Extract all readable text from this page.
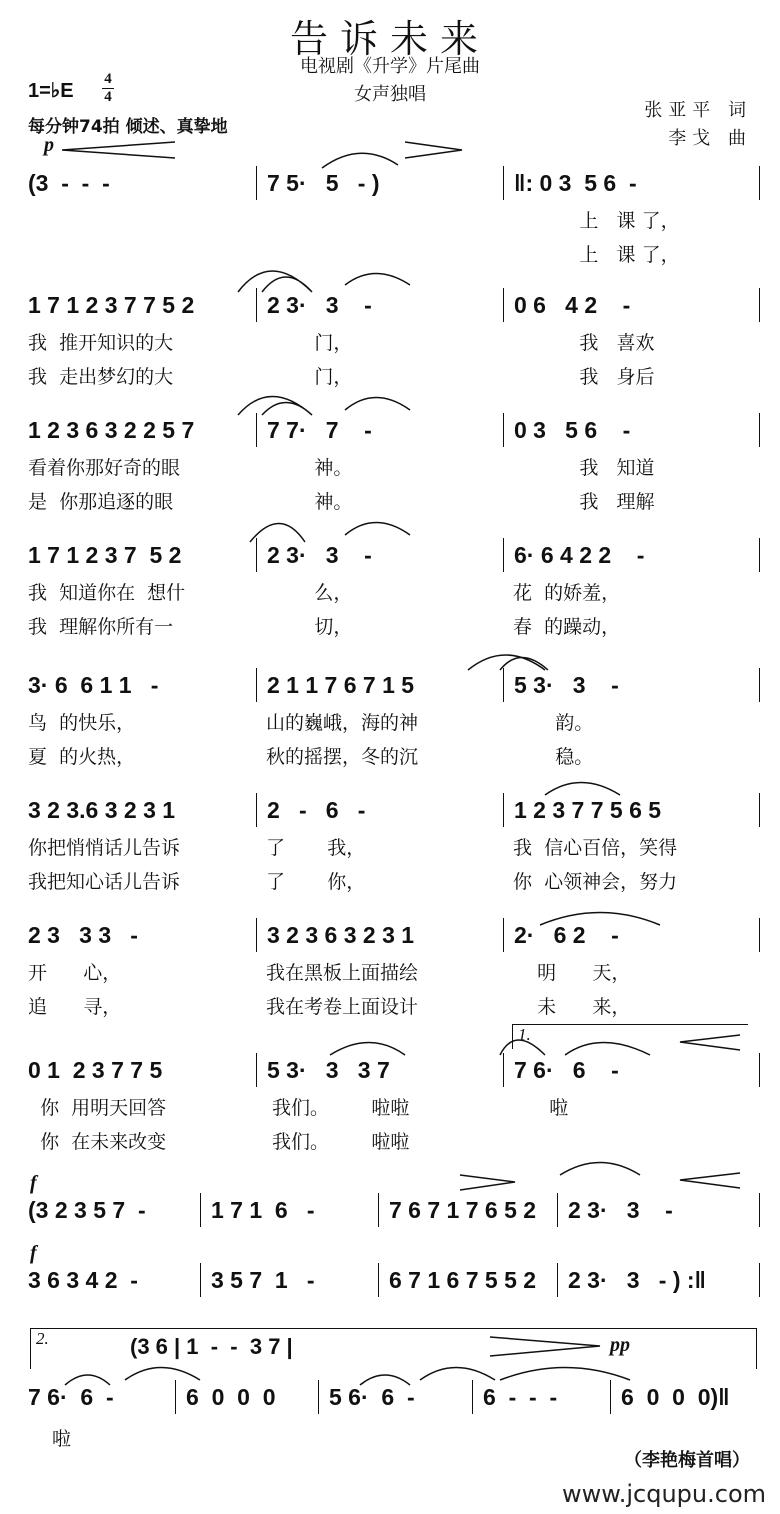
告诉未来
电视剧《升学》片尾曲
女声独唱
1=♭E
4
4
每分钟74拍 倾述、真挚地
张亚平 词
李戈 曲
p
f
f
pp
(3  -  -  -	7 5·   5   - )	‖: 0 3  5 6  -
上   课 了，
上   课 了，
1 7 1 2 3 7 7 5 2	2 3·   3    -	0 6   4 2    -
我  推开知识的大	门，	我   喜欢
我  走出梦幻的大	门，	我   身后
1 2 3 6 3 2 2 5 7	7 7·   7    -	0 3   5 6    -
看着你那好奇的眼	神。	我   知道
是  你那追逐的眼	神。	我   理解
1 7 1 2 3 7  5 2	2 3·   3    -	6· 6 4 2 2    -
我  知道你在  想什	么，	花  的娇羞，
我  理解你所有一	切，	春  的躁动，
3· 6  6 1 1   -	2 1 1 7 6 7 1 5	5 3·   3    -
鸟  的快乐，	山的巍峨，海的神	韵。
夏  的火热，	秋的摇摆，冬的沉	稳。
3 2 3.6 3 2 3 1	2   -   6   -	1 2 3 7 7 5 6 5
你把悄悄话儿告诉	了       我，	我  信心百倍，笑得
我把知心话儿告诉	了       你，	你  心领神会，努力
2 3   3 3   -	3 2 3 6 3 2 3 1	2·   6 2    -
开      心，	我在黑板上面描绘	明      天，
追      寻，	我在考卷上面设计	未      来，
0 1  2 3 7 7 5	5 3·   3   3 7	7 6·   6    -
你  用明天回答	我们。       啦啦	啦
你  在未来改变	我们。       啦啦
(3 2 3 5 7  -	1 7 1  6   -	7 6 7 1 7 6 5 2	2 3·   3    -
3 6 3 4 2  -	3 5 7  1   -	6 7 1 6 7 5 5 2	2 3·   3   - ) :‖
7 6·  6  -	6  0  0  0	5 6·  6  -	6  -  -  -	6  0  0  0)‖
啦
1.
2.	(3 6 | 1  -  -  3 7 |
（李艳梅首唱）
www.jcqupu.com
